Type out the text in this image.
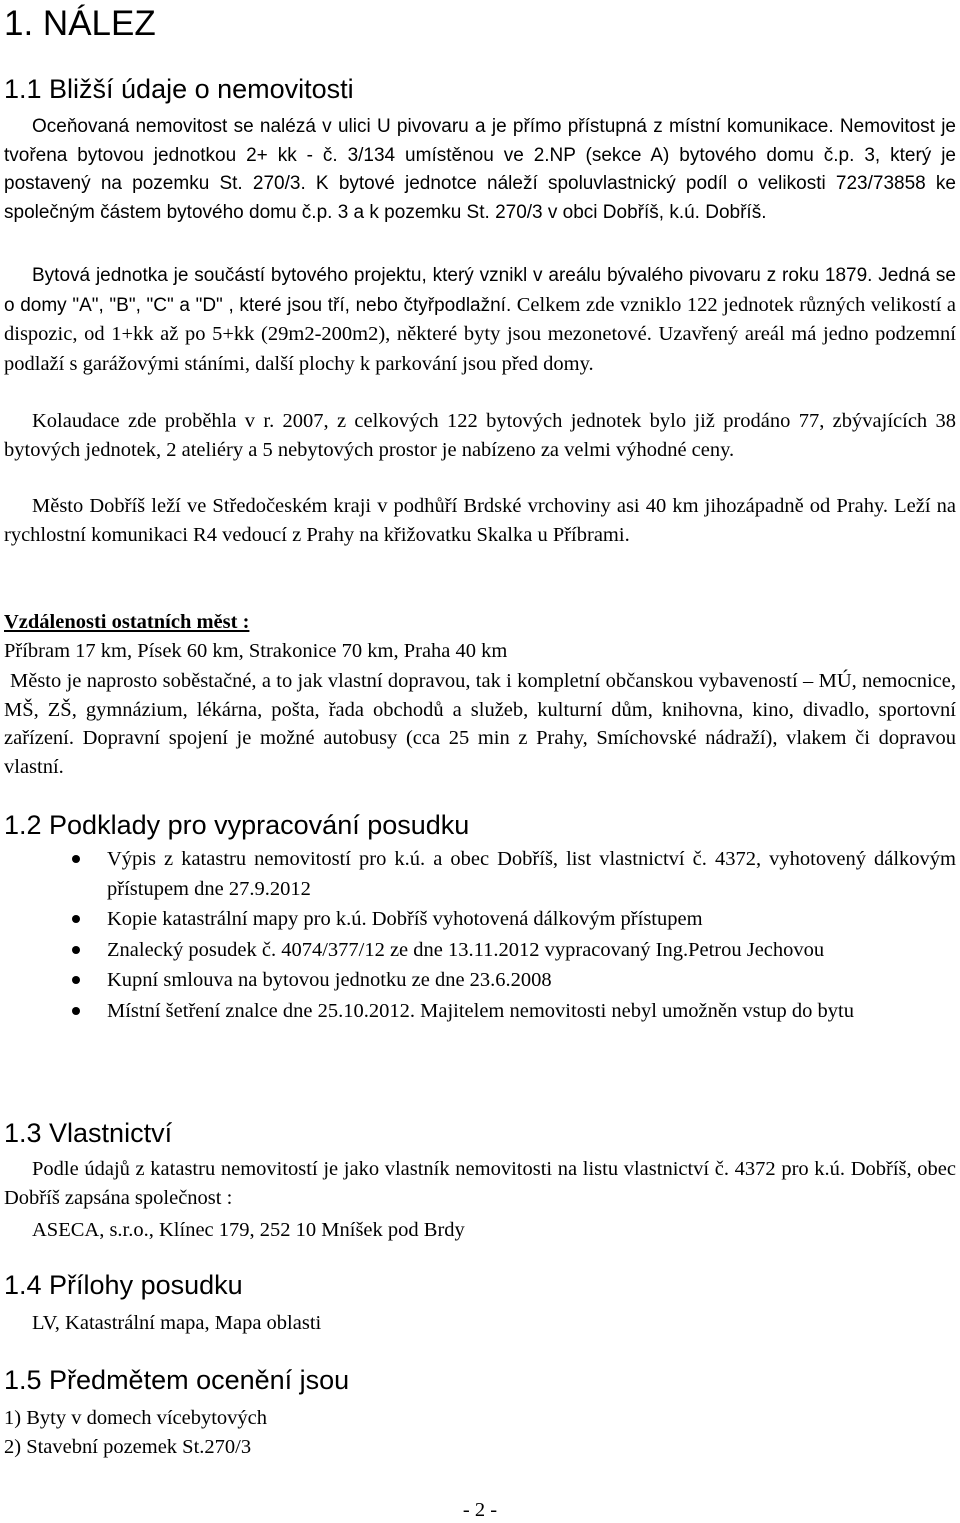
1. NÁLEZ
1.1 Bližší údaje o nemovitosti

Oceňovaná nemovitost se nalézá v ulici U pivovaru a je přímo přístupná z místní komunikace. Nemovitost je tvořena bytovou jednotkou 2+ kk - č. 3/134 umístěnou ve 2.NP (sekce A) bytového domu č.p. 3, který je postavený na pozemku St. 270/3. K bytové jednotce náleží spoluvlastnický podíl o velikosti 723/73858 ke společným částem bytového domu č.p. 3 a k pozemku St. 270/3 v obci Dobříš, k.ú. Dobříš.

Bytová jednotka je součástí bytového projektu, který vznikl v areálu bývalého pivovaru z roku 1879. Jedná se o domy "A", "B", "C" a "D" , které jsou tří, nebo čtyřpodlažní. Celkem zde vzniklo 122 jednotek různých velikostí a dispozic, od 1+kk až po 5+kk (29m2-200m2), některé byty jsou mezonetové. Uzavřený areál má jedno podzemní podlaží s garážovými stáními, další plochy k parkování jsou před domy.

Kolaudace zde proběhla v r. 2007, z celkových 122 bytových jednotek bylo již prodáno 77, zbývajících 38 bytových jednotek, 2 ateliéry a 5 nebytových prostor je nabízeno za velmi výhodné ceny.

Město Dobříš leží ve Středočeském kraji v podhůří Brdské vrchoviny asi 40 km jihozápadně od Prahy. Leží na rychlostní komunikaci R4 vedoucí z Prahy na křižovatku Skalka u Příbrami.

Vzdálenosti ostatních měst :

Příbram 17 km, Písek 60 km, Strakonice 70 km, Praha 40 km

Město je naprosto soběstačné, a to jak vlastní dopravou, tak i kompletní občanskou vybaveností – MÚ, nemocnice, MŠ, ZŠ, gymnázium, lékárna, pošta, řada obchodů a služeb, kulturní dům, knihovna, kino, divadlo, sportovní zařízení. Dopravní spojení je možné autobusy (cca 25 min z Prahy, Smíchovské nádraží), vlakem či dopravou vlastní.

1.2 Podklady pro vypracování posudku
Výpis z katastru nemovitostí pro k.ú. a obec Dobříš, list vlastnictví č. 4372, vyhotovený dálkovým přístupem dne 27.9.2012
Kopie katastrální mapy pro k.ú. Dobříš vyhotovená dálkovým přístupem
Znalecký posudek č. 4074/377/12 ze dne 13.11.2012 vypracovaný Ing.Petrou Jechovou
Kupní smlouva na bytovou jednotku ze dne 23.6.2008
Místní šetření znalce dne 25.10.2012. Majitelem nemovitosti nebyl umožněn vstup do bytu
1.3 Vlastnictví

Podle údajů z katastru nemovitostí je jako vlastník nemovitosti na listu vlastnictví č. 4372 pro k.ú. Dobříš, obec Dobříš zapsána společnost :

ASECA, s.r.o., Klínec 179, 252 10 Mníšek pod Brdy

1.4 Přílohy posudku

LV, Katastrální mapa, Mapa oblasti

1.5 Předmětem ocenění jsou

1) Byty v domech vícebytových

2) Stavební pozemek St.270/3

- 2 -
